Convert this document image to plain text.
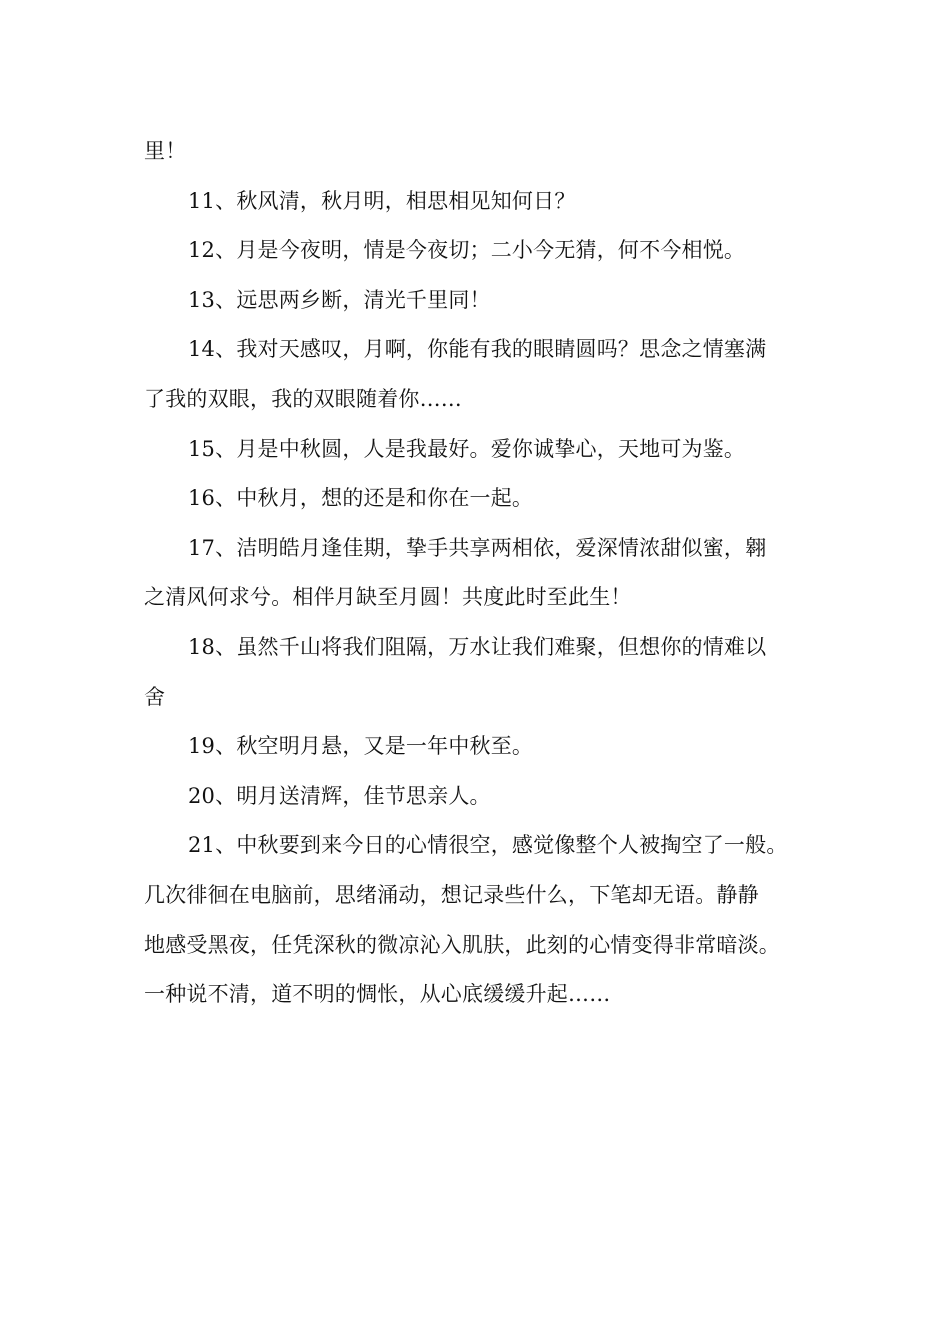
里！
11、秋风清，秋月明，相思相见知何日？
12、月是今夜明，情是今夜切；二小今无猜，何不今相悦。
13、远思两乡断，清光千里同！
14、我对天感叹，月啊，你能有我的眼睛圆吗？思念之情塞满
了我的双眼，我的双眼随着你……
15、月是中秋圆，人是我最好。爱你诚挚心，天地可为鉴。
16、中秋月，想的还是和你在一起。
17、洁明皓月逢佳期，挚手共享两相依，爱深情浓甜似蜜，翱
之清风何求兮。相伴月缺至月圆！共度此时至此生！
18、虽然千山将我们阻隔，万水让我们难聚，但想你的情难以
舍
19、秋空明月悬，又是一年中秋至。
20、明月送清辉，佳节思亲人。
21、中秋要到来今日的心情很空，感觉像整个人被掏空了一般。
几次徘徊在电脑前，思绪涌动，想记录些什么，下笔却无语。静静
地感受黑夜，任凭深秋的微凉沁入肌肤，此刻的心情变得非常暗淡。
一种说不清，道不明的惆怅，从心底缓缓升起……
